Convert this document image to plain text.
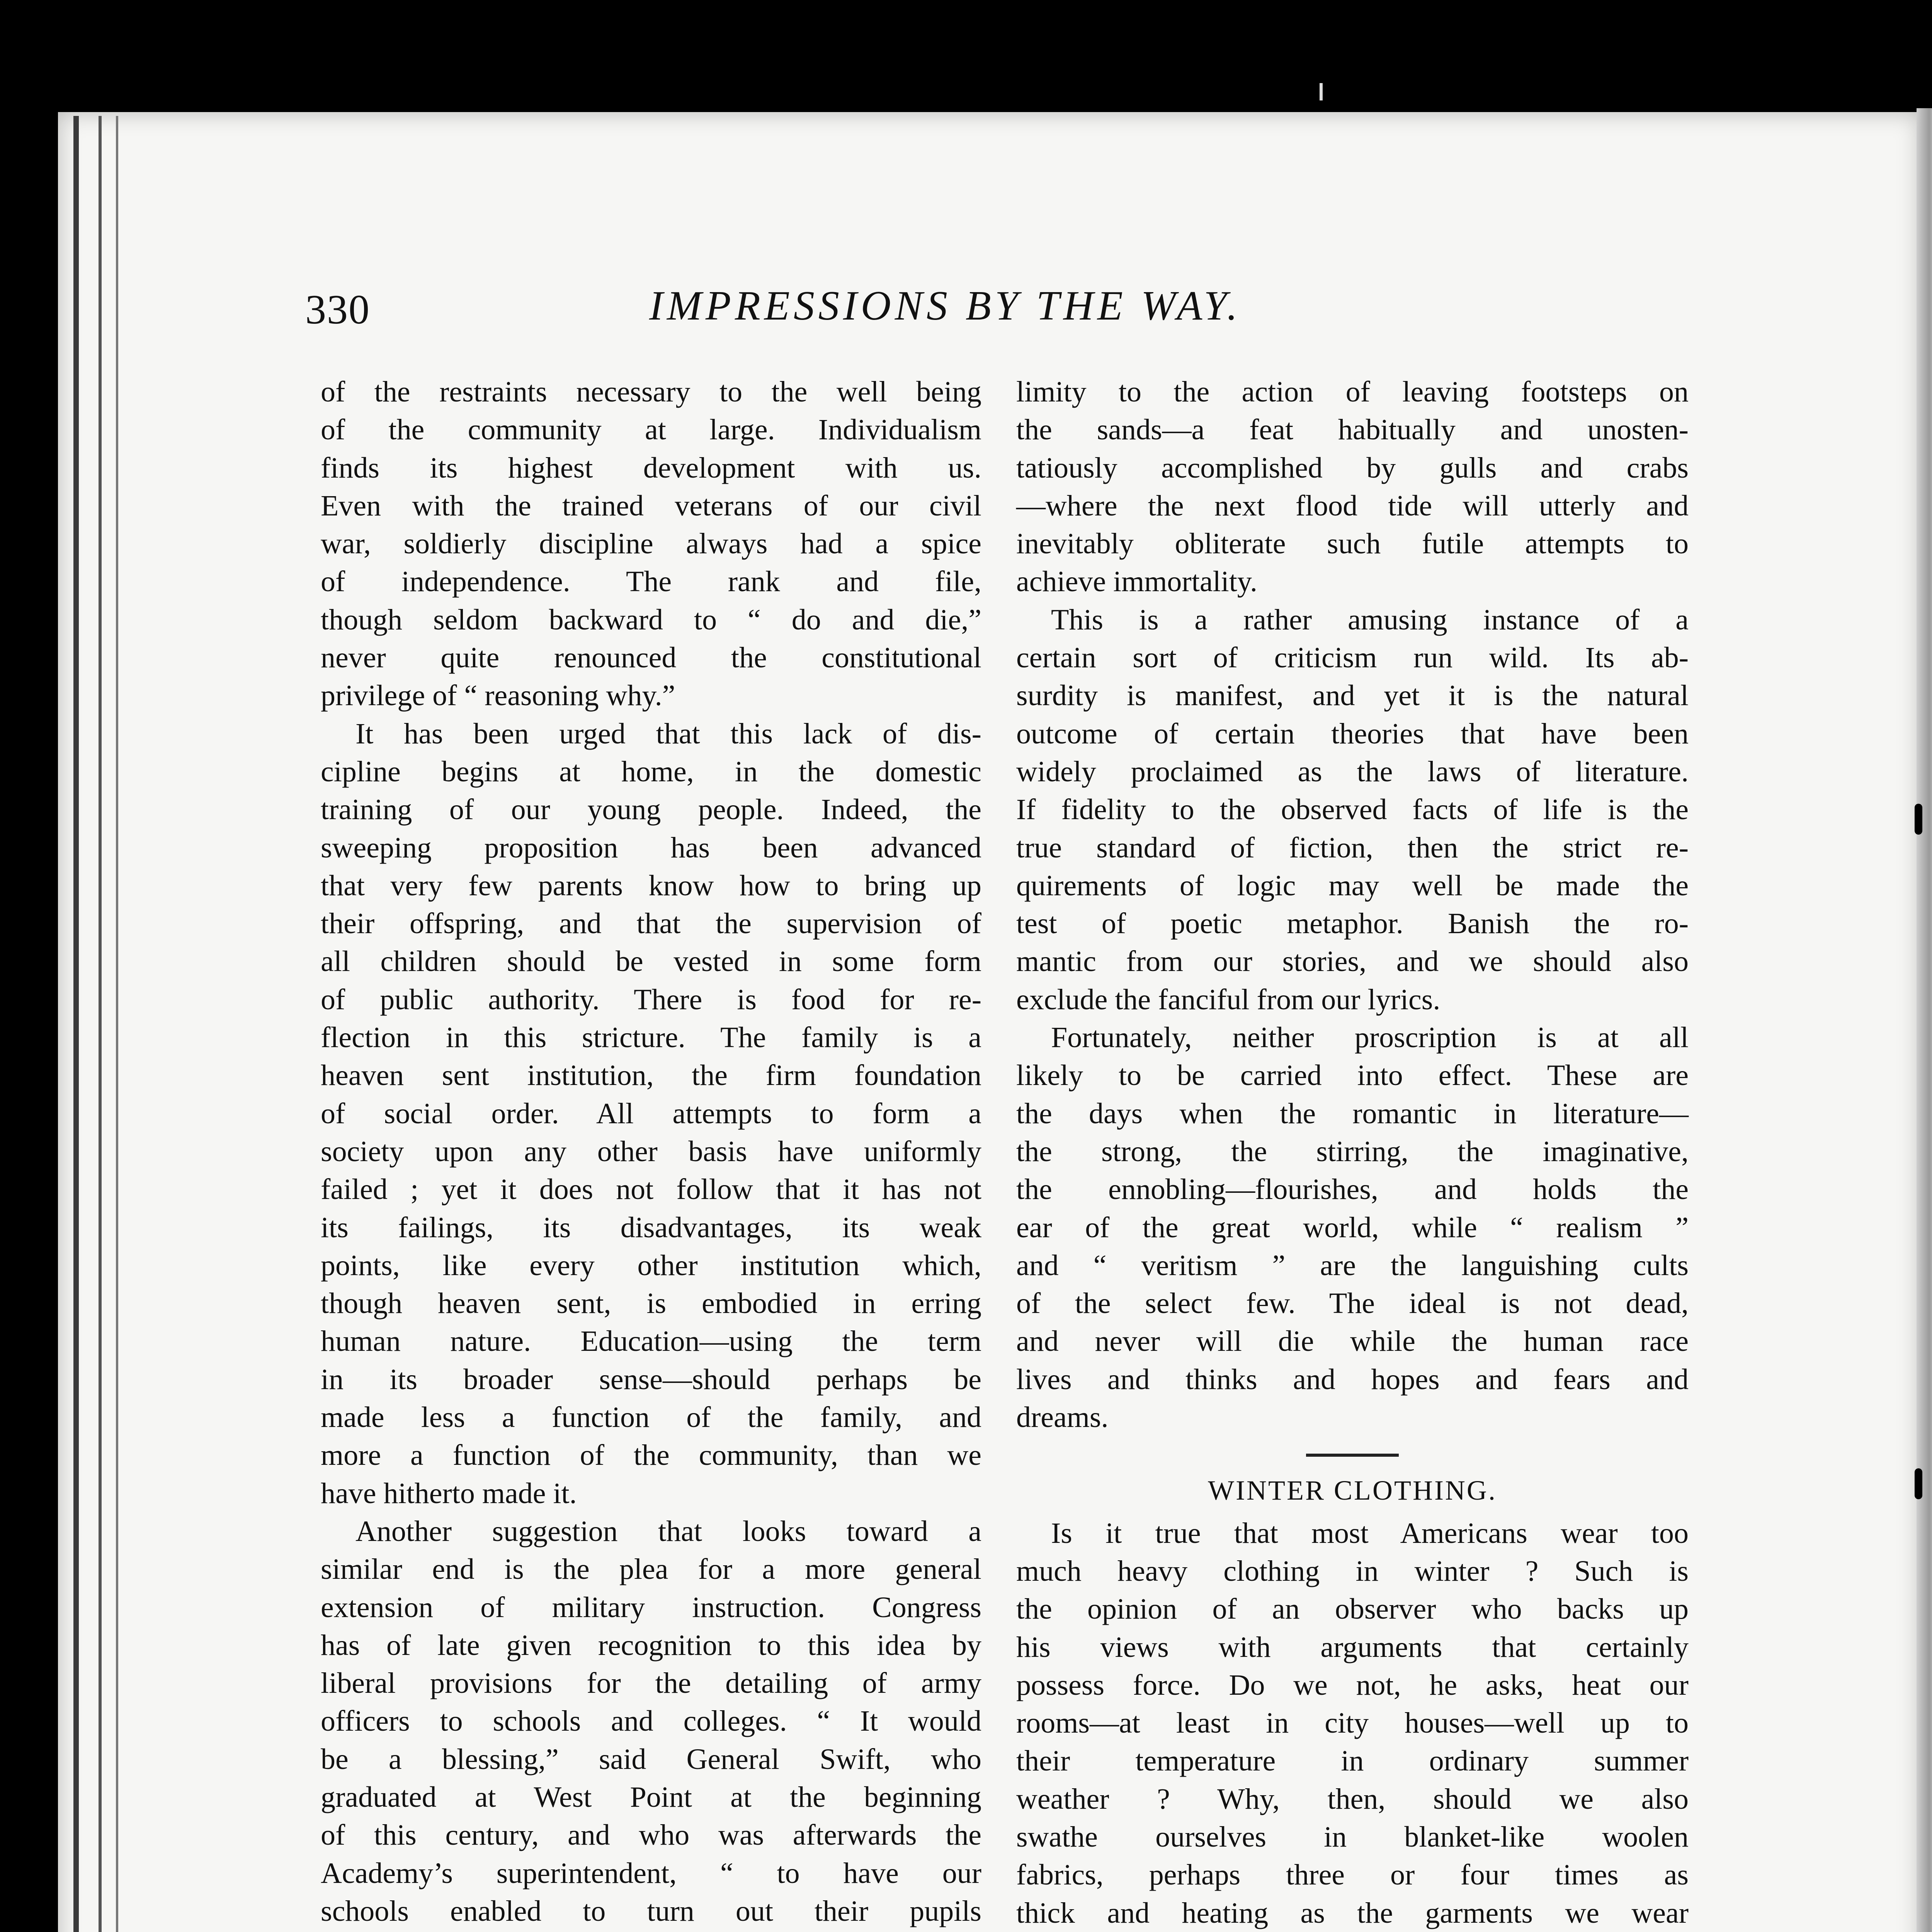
330	IMPRESSIONS BY THE WAY.
of the restraints necessary to the well being
of the community at large. Individualism
finds its highest development with us.
Even with the trained veterans of our civil
war, soldierly discipline always had a spice
of independence. The rank and file,
though seldom backward to “ do and die,”
never quite renounced the constitutional
privilege of “ reasoning why.”
It has been urged that this lack of dis-
cipline begins at home, in the domestic
training of our young people. Indeed, the
sweeping proposition has been advanced
that very few parents know how to bring up
their offspring, and that the supervision of
all children should be vested in some form
of public authority. There is food for re-
flection in this stricture. The family is a
heaven sent institution, the firm foundation
of social order. All attempts to form a
society upon any other basis have uniformly
failed ; yet it does not follow that it has not
its failings, its disadvantages, its weak
points, like every other institution which,
though heaven sent, is embodied in erring
human nature. Education—using the term
in its broader sense—should perhaps be
made less a function of the family, and
more a function of the community, than we
have hitherto made it.
Another suggestion that looks toward a
similar end is the plea for a more general
extension of military instruction. Congress
has of late given recognition to this idea by
liberal provisions for the detailing of army
officers to schools and colleges. “ It would
be a blessing,” said General Swift, who
graduated at West Point at the beginning
of this century, and who was afterwards the
Academy’s superintendent, “ to have our
schools enabled to turn out their pupils
limity to the action of leaving footsteps on
the sands—a feat habitually and unosten-
tatiously accomplished by gulls and crabs
—where the next flood tide will utterly and
inevitably obliterate such futile attempts to
achieve immortality.
This is a rather amusing instance of a
certain sort of criticism run wild. Its ab-
surdity is manifest, and yet it is the natural
outcome of certain theories that have been
widely proclaimed as the laws of literature.
If fidelity to the observed facts of life is the
true standard of fiction, then the strict re-
quirements of logic may well be made the
test of poetic metaphor. Banish the ro-
mantic from our stories, and we should also
exclude the fanciful from our lyrics.
Fortunately, neither proscription is at all
likely to be carried into effect. These are
the days when the romantic in literature—
the strong, the stirring, the imaginative,
the ennobling—flourishes, and holds the
ear of the great world, while “ realism ”
and “ veritism ” are the languishing cults
of the select few. The ideal is not dead,
and never will die while the human race
lives and thinks and hopes and fears and
dreams.
WINTER CLOTHING.
Is it true that most Americans wear too
much heavy clothing in winter ? Such is
the opinion of an observer who backs up
his views with arguments that certainly
possess force. Do we not, he asks, heat our
rooms—at least in city houses—well up to
their temperature in ordinary summer
weather ? Why, then, should we also
swathe ourselves in blanket-like woolen
fabrics, perhaps three or four times as
thick and heating as the garments we wear
